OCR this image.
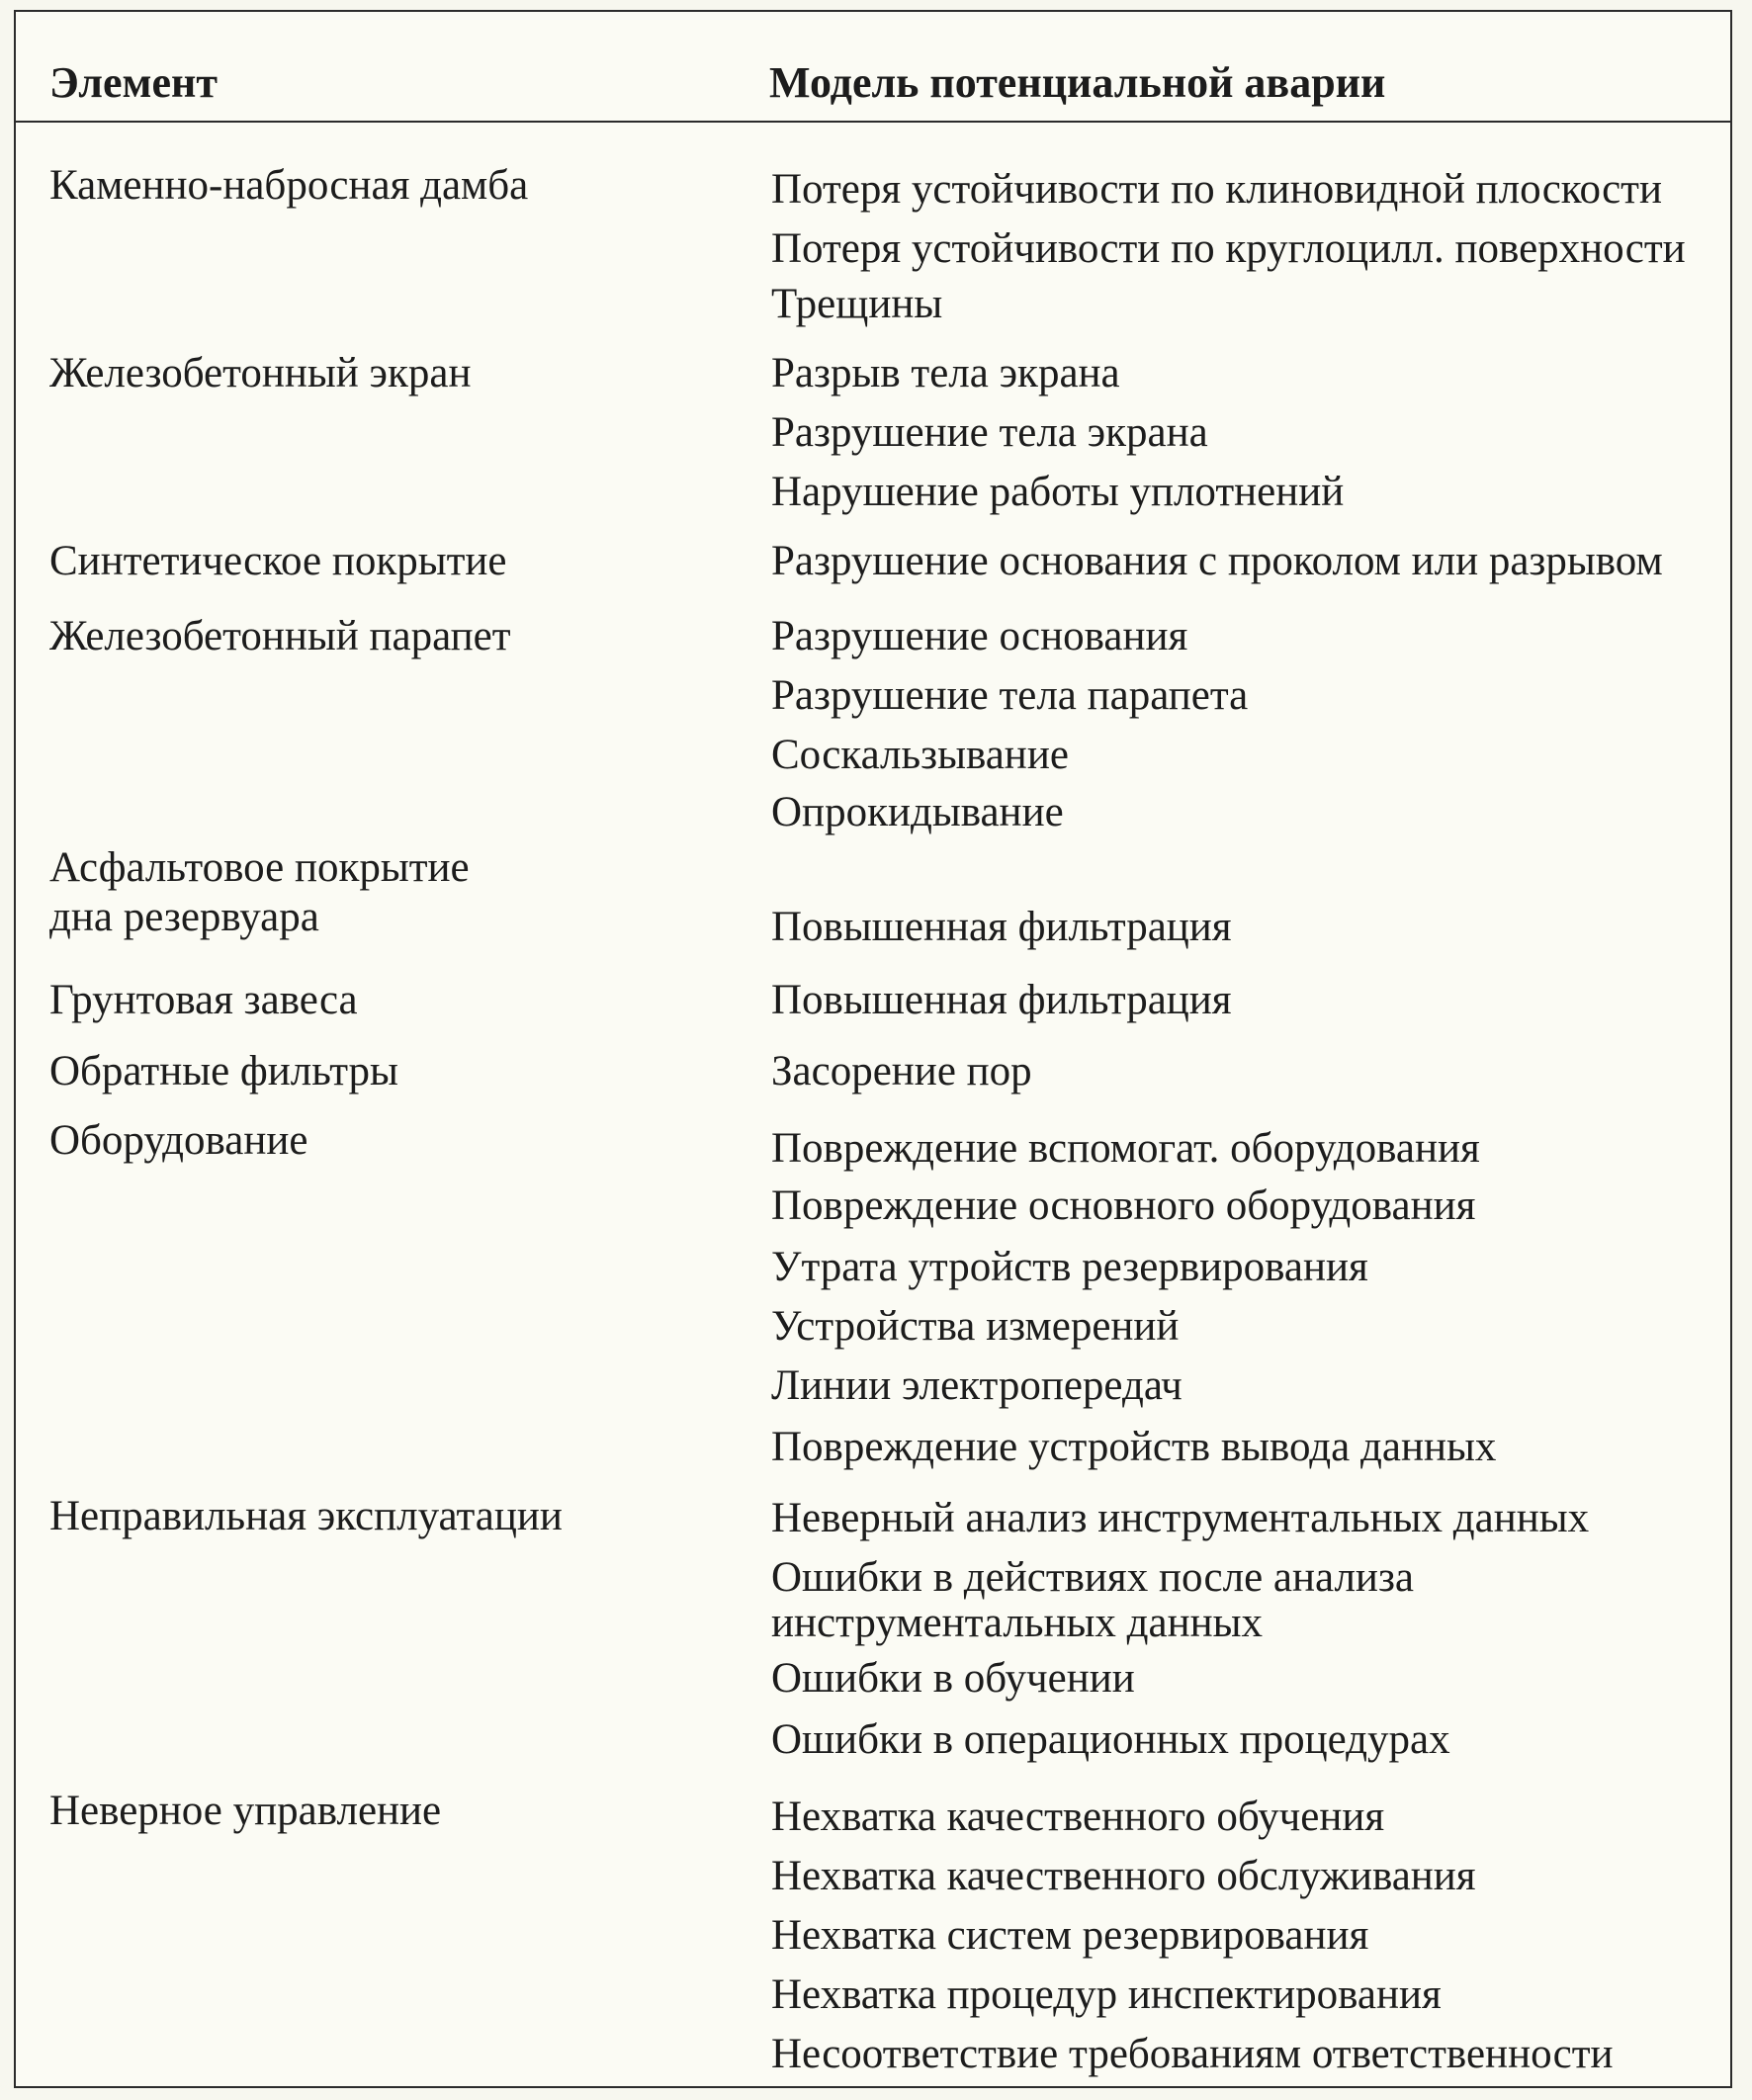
Элемент	Модель потенциальной аварии
Каменно-набросная дамба	Потеря устойчивости по клиновидной плоскости
Потеря устойчивости по круглоцилл. поверхности
Трещины
Железобетонный экран	Разрыв тела экрана
Разрушение тела экрана
Нарушение работы уплотнений
Синтетическое покрытие	Разрушение основания с проколом или разрывом
Железобетонный парапет	Разрушение основания
Разрушение тела парапета
Соскальзывание
Опрокидывание
Асфальтовое покрытие
дна резервуара	Повышенная фильтрация
Грунтовая завеса	Повышенная фильтрация
Обратные фильтры	Засорение пор
Оборудование	Повреждение вспомогат. оборудования
Повреждение основного оборудования
Утрата утройств резервирования
Устройства измерений
Линии электропередач
Повреждение устройств вывода данных
Неправильная эксплуатации	Неверный анализ инструментальных данных
Ошибки в действиях после анализа
инструментальных данных
Ошибки в обучении
Ошибки в операционных процедурах
Неверное управление	Нехватка качественного обучения
Нехватка качественного обслуживания
Нехватка систем резервирования
Нехватка процедур инспектирования
Несоответствие требованиям ответственности
